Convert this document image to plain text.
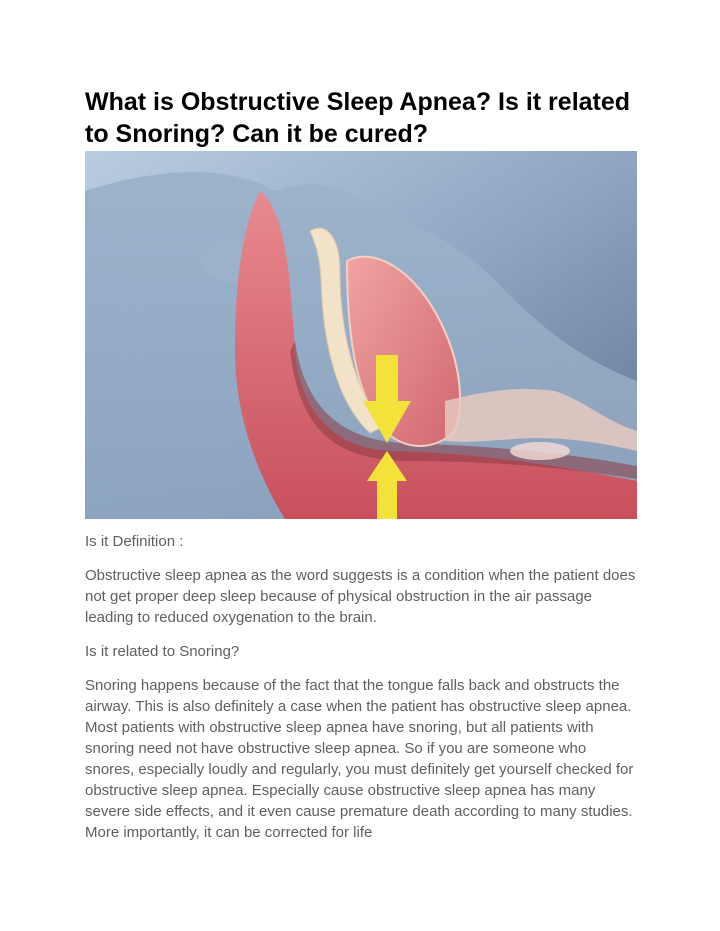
What is Obstructive Sleep Apnea? Is it related to Snoring? Can it be cured?

Is it Definition :

Obstructive sleep apnea as the word suggests is a condition when the patient does not get proper deep sleep because of physical obstruction in the air passage leading to reduced oxygenation to the brain.

Is it related to Snoring?

Snoring happens because of the fact that the tongue falls back and obstructs the airway. This is also definitely a case when the patient has obstructive sleep apnea. Most patients with obstructive sleep apnea have snoring, but all patients with snoring need not have obstructive sleep apnea. So if you are someone who snores, especially loudly and regularly, you must definitely get yourself checked for obstructive sleep apnea. Especially cause obstructive sleep apnea has many severe side effects, and it even cause premature death according to many studies. More importantly, it can be corrected for life
